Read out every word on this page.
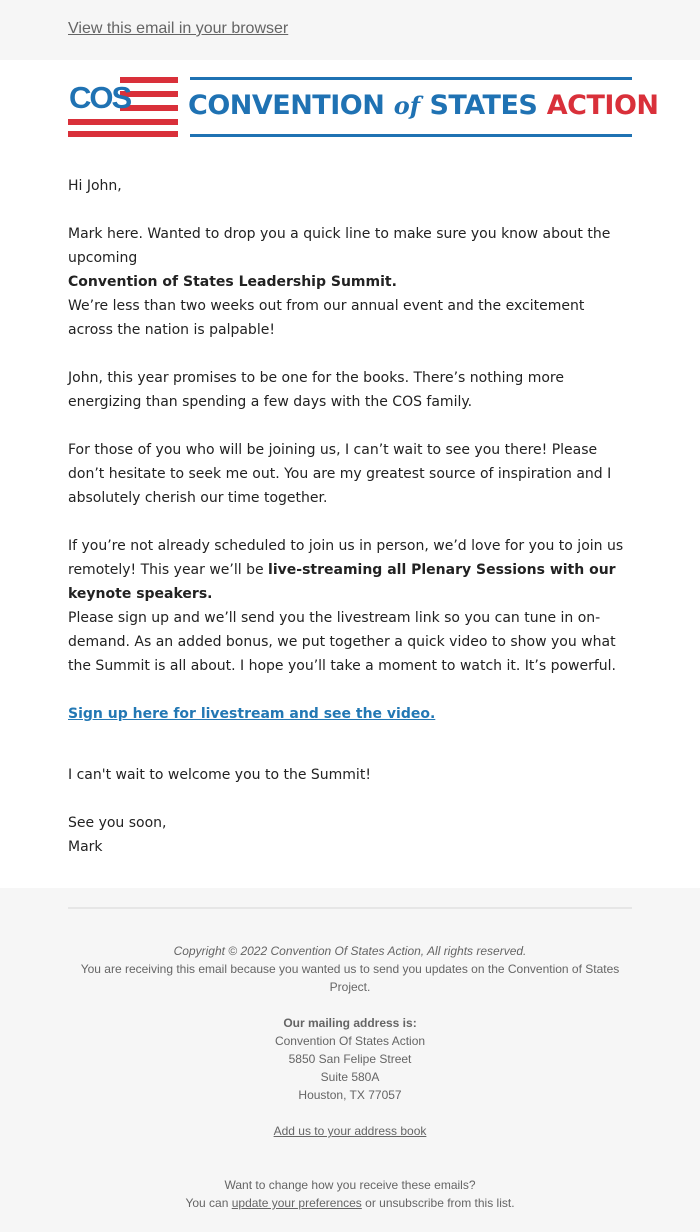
View this email in your browser
COS CONVENTION of STATES ACTION

Hi John,

Mark here. Wanted to drop you a quick line to make sure you know about the upcoming
Convention of States Leadership Summit.

We’re less than two weeks out from our annual event and the excitement across the nation is palpable!

John, this year promises to be one for the books. There’s nothing more energizing than spending a few days with the COS family.

For those of you who will be joining us, I can’t wait to see you there! Please don’t hesitate to seek me out. You are my greatest source of inspiration and I absolutely cherish our time together.

If you’re not already scheduled to join us in person, we’d love for you to join us remotely! This year we’ll be live-streaming all Plenary Sessions with our keynote speakers.

Please sign up and we’ll send you the livestream link so you can tune in on-demand. As an added bonus, we put together a quick video to show you what the Summit is all about. I hope you’ll take a moment to watch it. It’s powerful.

Sign up here for livestream and see the video.

I can't wait to welcome you to the Summit!

See you soon,

Mark

Copyright © 2022 Convention Of States Action, All rights reserved.
You are receiving this email because you wanted us to send you updates on the Convention of States Project.
Our mailing address is:
Convention Of States Action
5850 San Felipe Street
Suite 580A
Houston, TX 77057
Add us to your address book
Want to change how you receive these emails?
You can update your preferences or unsubscribe from this list.
